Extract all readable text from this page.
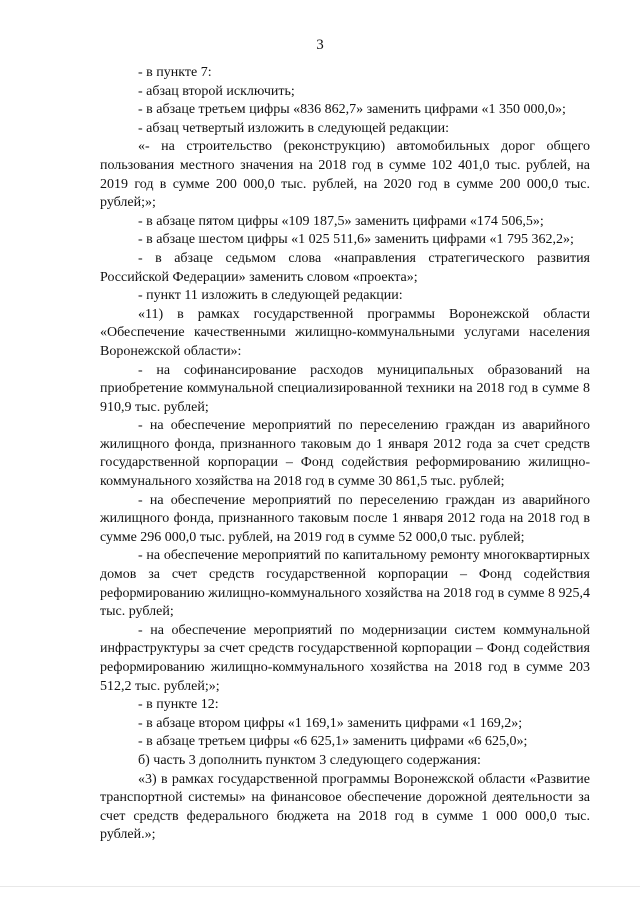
3

- в пункте 7:

- абзац второй исключить;

- в абзаце третьем цифры «836 862,7» заменить цифрами «1 350 000,0»;

- абзац четвертый изложить в следующей редакции:

«- на строительство (реконструкцию) автомобильных дорог общего пользования местного значения на 2018 год в сумме 102 401,0 тыс. рублей, на 2019 год в сумме 200 000,0 тыс. рублей, на 2020 год в сумме 200 000,0 тыс. рублей;»;

- в абзаце пятом цифры «109 187,5» заменить цифрами «174 506,5»;

- в абзаце шестом цифры «1 025 511,6» заменить цифрами «1 795 362,2»;

- в абзаце седьмом слова «направления стратегического развития Российской Федерации» заменить словом «проекта»;

- пункт 11 изложить в следующей редакции:

«11) в рамках государственной программы Воронежской области «Обеспечение качественными жилищно-коммунальными услугами населения Воронежской области»:

- на софинансирование расходов муниципальных образований на приобретение коммунальной специализированной техники на 2018 год в сумме 8 910,9 тыс. рублей;

- на обеспечение мероприятий по переселению граждан из аварийного жилищного фонда, признанного таковым до 1 января 2012 года за счет средств государственной корпорации – Фонд содействия реформированию жилищно-коммунального хозяйства на 2018 год в сумме 30 861,5 тыс. рублей;

- на обеспечение мероприятий по переселению граждан из аварийного жилищного фонда, признанного таковым после 1 января 2012 года на 2018 год в сумме 296 000,0 тыс. рублей, на 2019 год в сумме 52 000,0 тыс. рублей;

- на обеспечение мероприятий по капитальному ремонту многоквартирных домов за счет средств государственной корпорации – Фонд содействия реформированию жилищно-коммунального хозяйства на 2018 год в сумме 8 925,4 тыс. рублей;

- на обеспечение мероприятий по модернизации систем коммунальной инфраструктуры за счет средств государственной корпорации – Фонд содействия реформированию жилищно-коммунального хозяйства на 2018 год в сумме 203 512,2 тыс. рублей;»;

- в пункте 12:

- в абзаце втором цифры «1 169,1» заменить цифрами «1 169,2»;

- в абзаце третьем цифры «6 625,1» заменить цифрами «6 625,0»;

б) часть 3 дополнить пунктом 3 следующего содержания:

«3) в рамках государственной программы Воронежской области «Развитие транспортной системы» на финансовое обеспечение дорожной деятельности за счет средств федерального бюджета на 2018 год в сумме 1 000 000,0 тыс. рублей.»;
